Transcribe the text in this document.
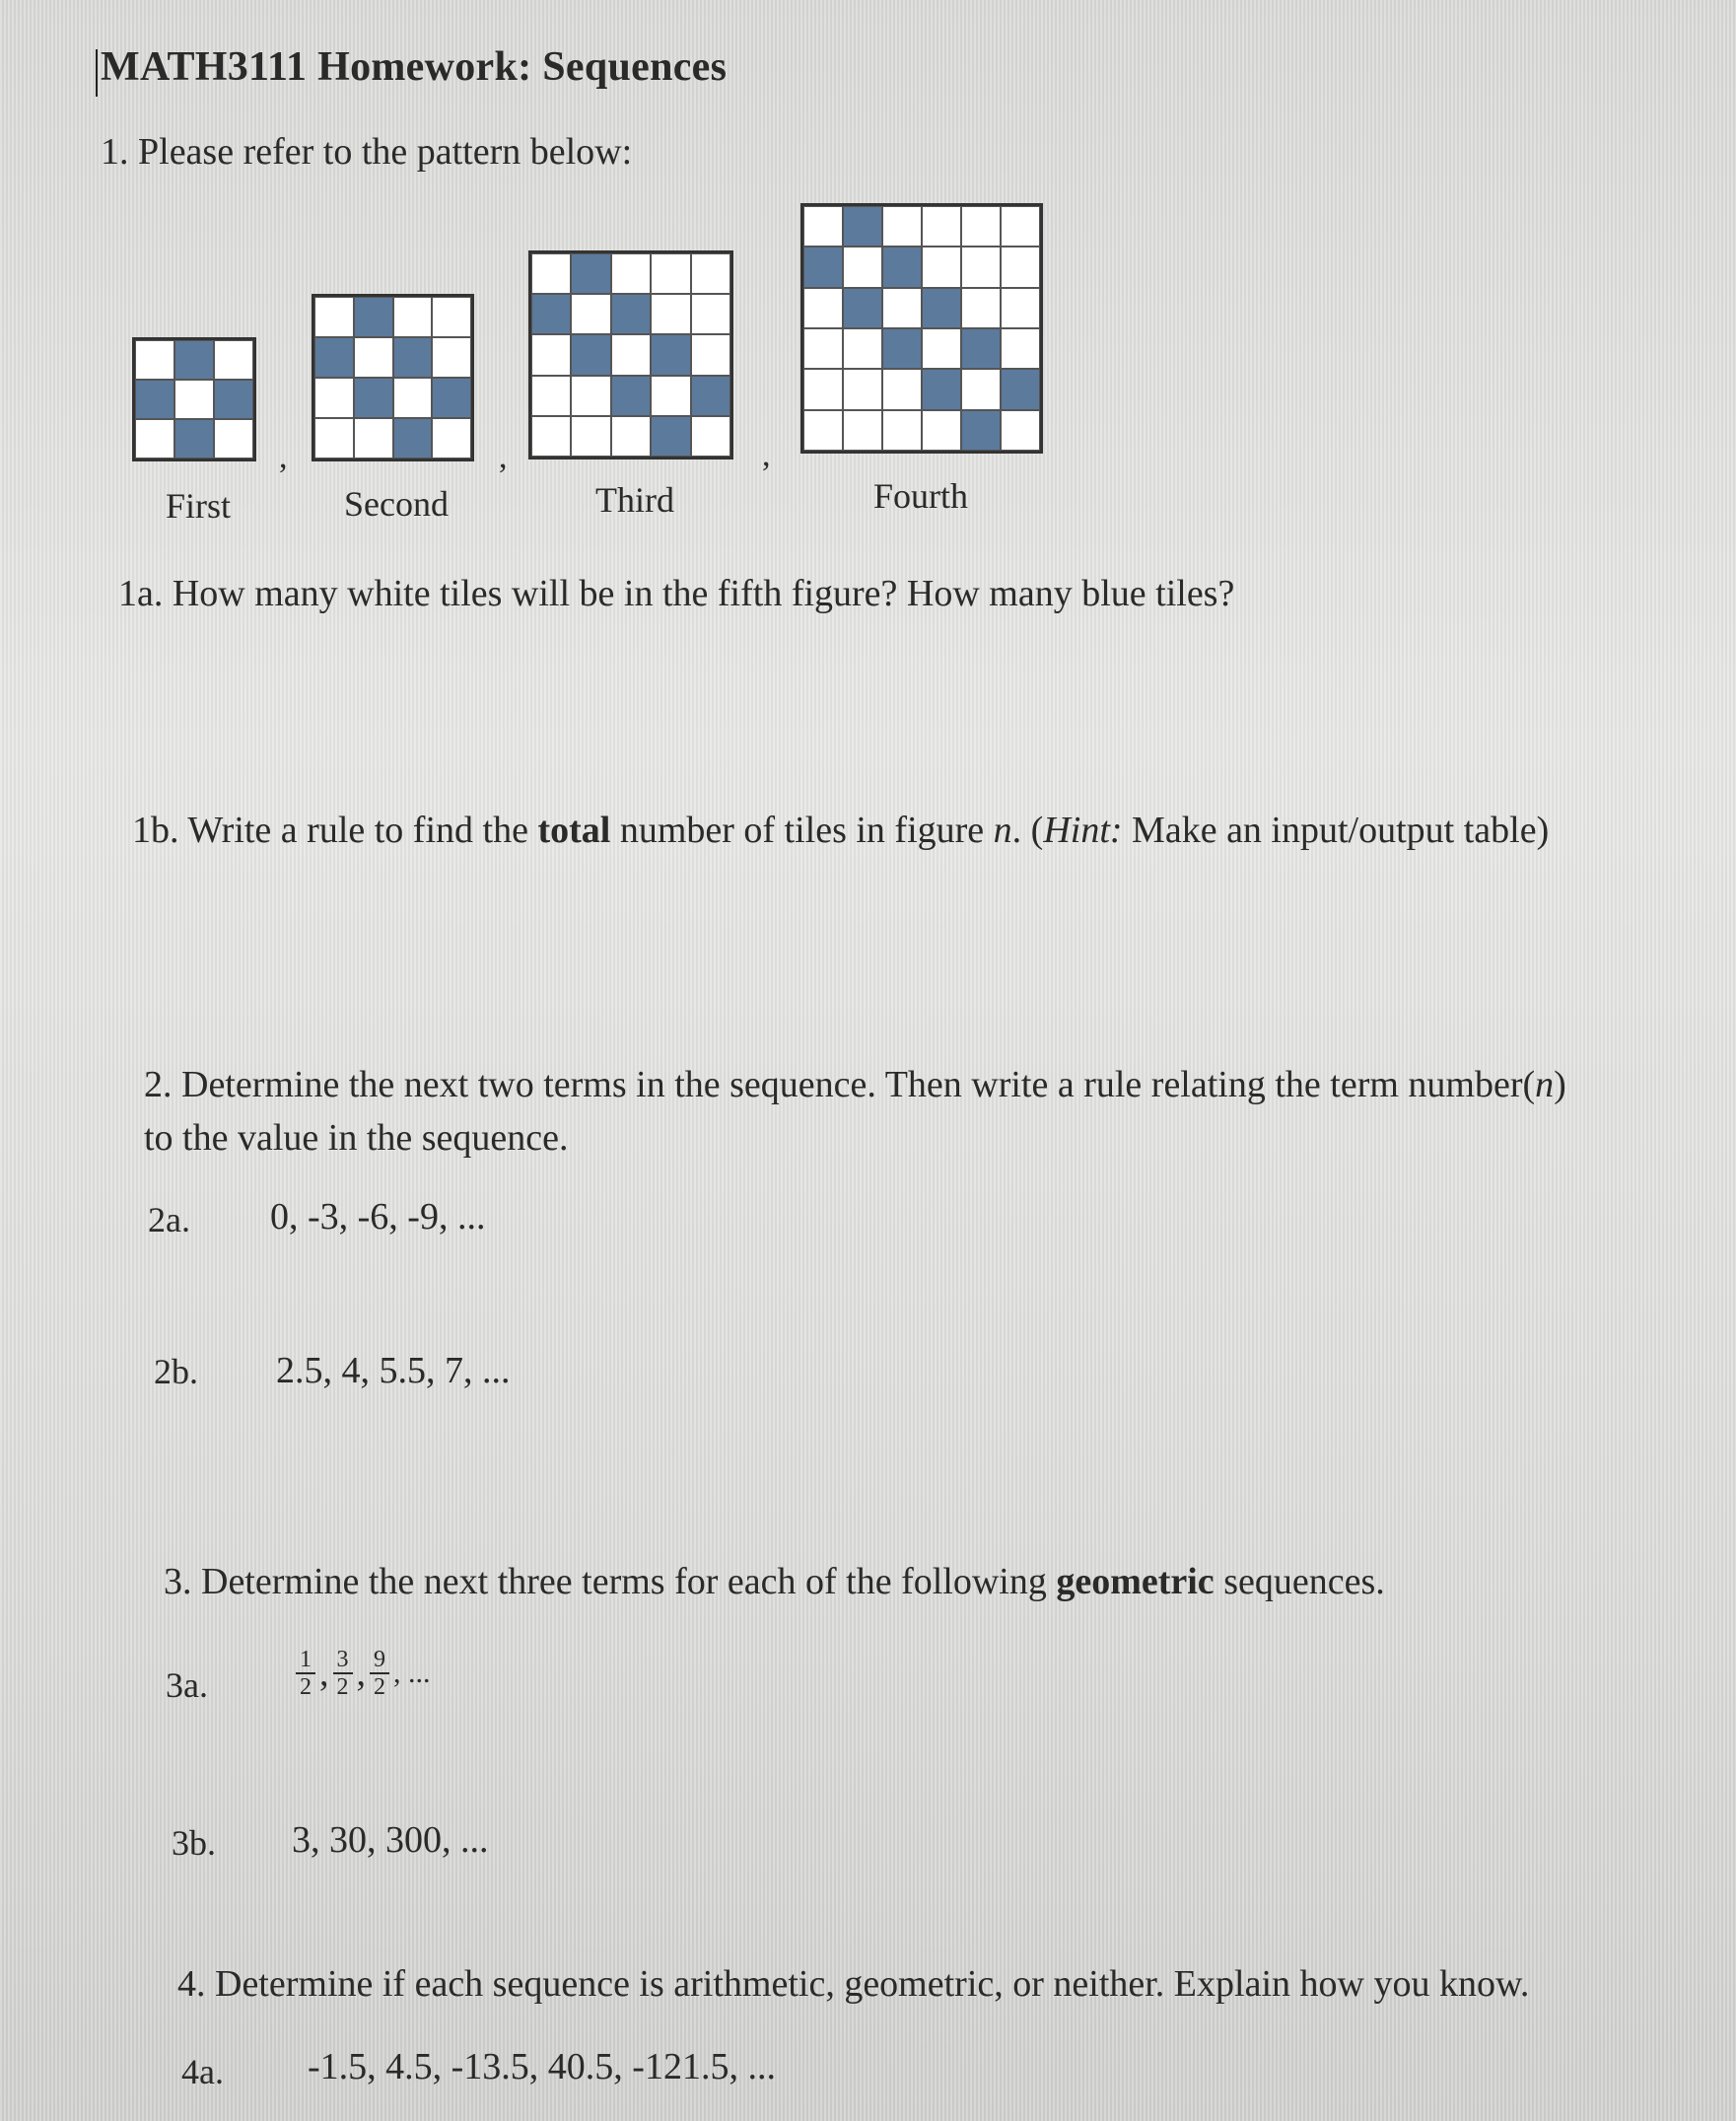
MATH3111 Homework: Sequences
1. Please refer to the pattern below:
,	,	,
First	Second	Third	Fourth
1a. How many white tiles will be in the fifth figure? How many blue tiles?
1b. Write a rule to find the total number of tiles in figure n. (Hint: Make an input/output table)
2. Determine the next two terms in the sequence. Then write a rule relating the term number(n)
to the value in the sequence.
2a. 0, -3, -6, -9, ...
2b. 2.5, 4, 5.5, 7, ...
3. Determine the next three terms for each of the following geometric sequences.
3a.	$\frac{1}{2}$ , $\frac{3}{2}$ , $\frac{9}{2}$ , ...
3b. 3, 30, 300, ...
4. Determine if each sequence is arithmetic, geometric, or neither. Explain how you know.
4a. -1.5, 4.5, -13.5, 40.5, -121.5, ...
